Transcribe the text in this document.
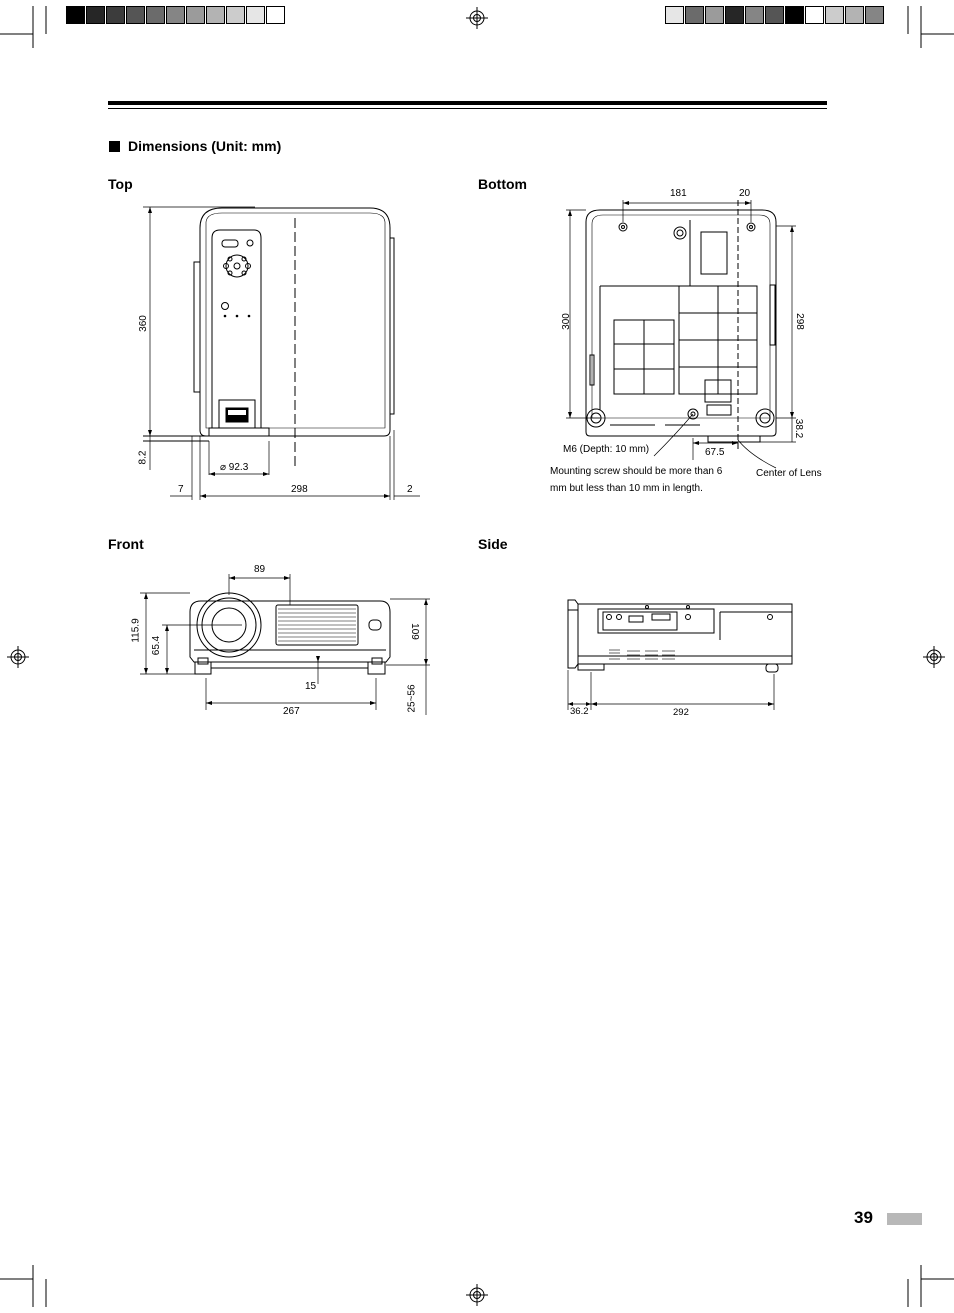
Dimensions (Unit: mm)
Top	Bottom
Front	Side
360
8.2
⌀ 92.3
7	298	2
181	20
300	298
38.2
67.5
M6 (Depth: 10 mm)
Center of Lens
Mounting screw should be more than 6
mm but less than 10 mm in length.
89
115.9
65.4
109
15	25~56
267	36.2	292
39
